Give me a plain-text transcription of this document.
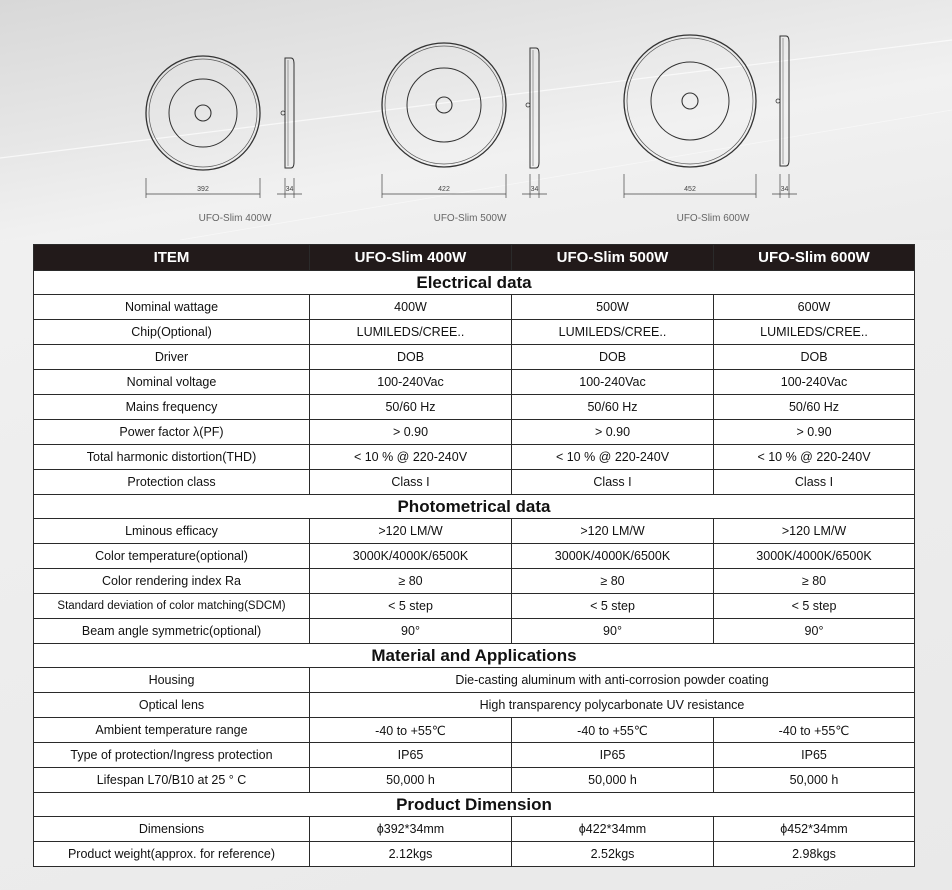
392	34
UFO-Slim 400W
422	34
UFO-Slim 500W
452	34
UFO-Slim 600W
ITEM	UFO-Slim 400W	UFO-Slim 500W	UFO-Slim 600W
Electrical data			
Nominal wattage	400W	500W	600W
Chip(Optional)	LUMILEDS/CREE..	LUMILEDS/CREE..	LUMILEDS/CREE..
Driver	DOB	DOB	DOB
Nominal voltage	100-240Vac	100-240Vac	100-240Vac
Mains frequency	50/60 Hz	50/60 Hz	50/60 Hz
Power factor λ(PF)	> 0.90	> 0.90	> 0.90
Total harmonic distortion(THD)	< 10 % @ 220-240V	< 10 % @ 220-240V	< 10 % @ 220-240V
Protection class	Class I	Class I	Class I
Photometrical data			
Lminous efficacy	>120 LM/W	>120 LM/W	>120 LM/W
Color temperature(optional)	3000K/4000K/6500K	3000K/4000K/6500K	3000K/4000K/6500K
Color rendering index Ra	≥ 80	≥ 80	≥ 80
Standard deviation of color matching(SDCM)	< 5 step	< 5 step	< 5 step
Beam angle symmetric(optional)	90°	90°	90°
Material and Applications			
Housing	Die-casting aluminum with anti-corrosion powder coating		
Optical lens	High transparency polycarbonate UV resistance		
Ambient temperature range	-40 to +55℃	-40 to +55℃	-40 to +55℃
Type of protection/Ingress protection	IP65	IP65	IP65
Lifespan L70/B10 at 25 ° C	50,000 h	50,000 h	50,000 h
Product Dimension			
Dimensions	ϕ392*34mm	ϕ422*34mm	ϕ452*34mm
Product weight(approx. for reference)	2.12kgs	2.52kgs	2.98kgs
